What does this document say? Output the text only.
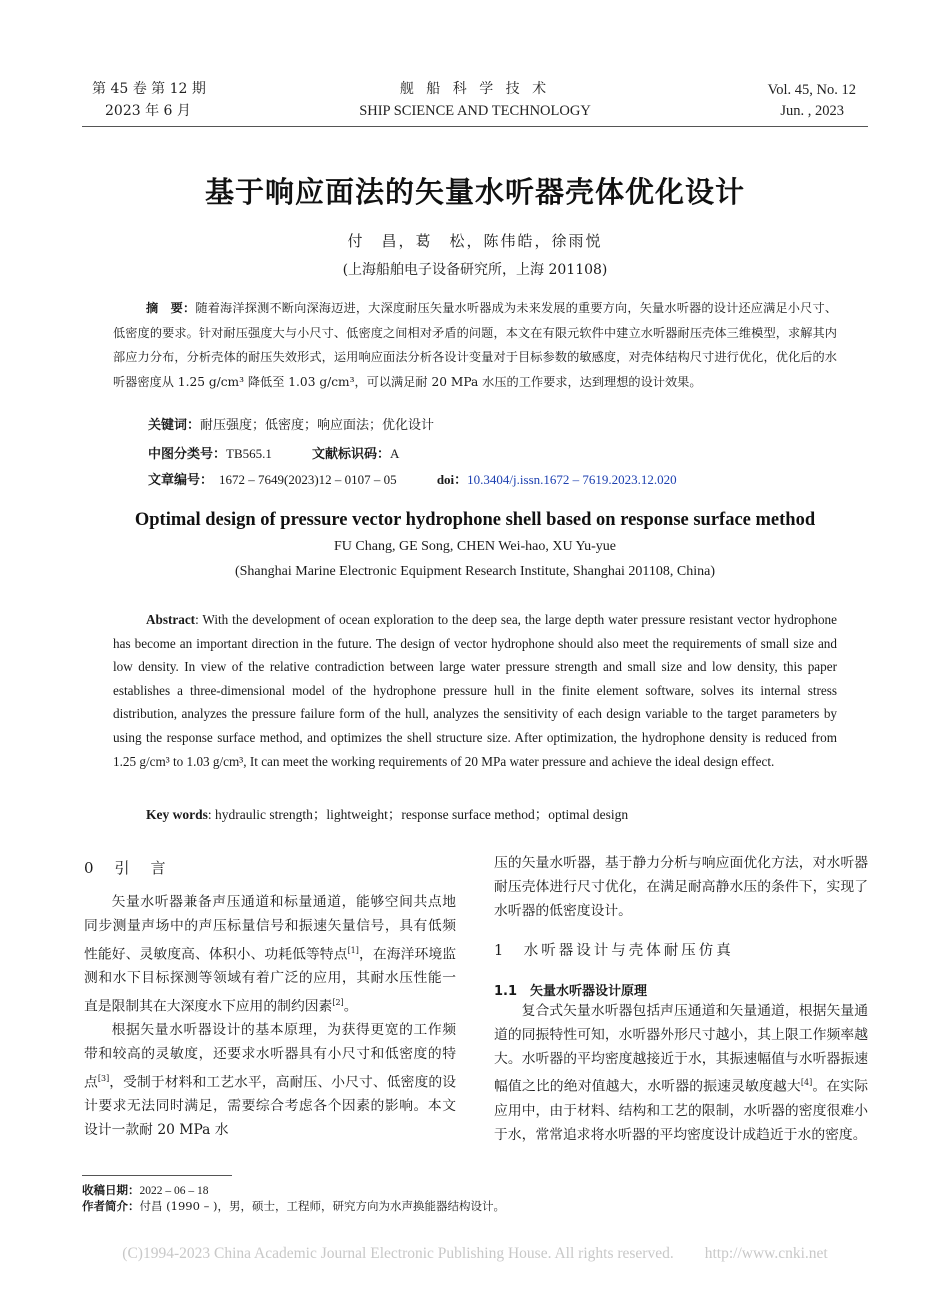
第 45 卷 第 12 期
2023 年 6 月
舰 船 科 学 技 术
SHIP SCIENCE AND TECHNOLOGY
Vol. 45, No. 12
Jun. , 2023
基于响应面法的矢量水听器壳体优化设计
付　昌，葛　松，陈伟皓，徐雨悦
(上海船舶电子设备研究所，上海 201108)
摘　要：随着海洋探测不断向深海迈进，大深度耐压矢量水听器成为未来发展的重要方向，矢量水听器的设计还应满足小尺寸、低密度的要求。针对耐压强度大与小尺寸、低密度之间相对矛盾的问题，本文在有限元软件中建立水听器耐压壳体三维模型，求解其内部应力分布，分析壳体的耐压失效形式，运用响应面法分析各设计变量对于目标参数的敏感度，对壳体结构尺寸进行优化，优化后的水听器密度从 1.25 g/cm³ 降低至 1.03 g/cm³，可以满足耐 20 MPa 水压的工作要求，达到理想的设计效果。
关键词：耐压强度；低密度；响应面法；优化设计
中图分类号：TB565.1	文献标识码：A
文章编号： 1672 – 7649(2023)12 – 0107 – 05	doi：10.3404/j.issn.1672 – 7619.2023.12.020
Optimal design of pressure vector hydrophone shell based on response surface method
FU Chang, GE Song, CHEN Wei-hao, XU Yu-yue
(Shanghai Marine Electronic Equipment Research Institute, Shanghai 201108, China)
Abstract: With the development of ocean exploration to the deep sea, the large depth water pressure resistant vector hydrophone has become an important direction in the future. The design of vector hydrophone should also meet the requirements of small size and low density. In view of the relative contradiction between large water pressure strength and small size and low density, this paper establishes a three-dimensional model of the hydrophone pressure hull in the finite element software, solves its internal stress distribution, analyzes the pressure failure form of the hull, analyzes the sensitivity of each design variable to the target parameters by using the response surface method, and optimizes the shell structure size. After optimization, the hydrophone density is reduced from 1.25 g/cm³ to 1.03 g/cm³, It can meet the working requirements of 20 MPa water pressure and achieve the ideal design effect.
Key words: hydraulic strength；lightweight；response surface method；optimal design
0　引　言

矢量水听器兼备声压通道和标量通道，能够空间共点地同步测量声场中的声压标量信号和振速矢量信号，具有低频性能好、灵敏度高、体积小、功耗低等特点[1]，在海洋环境监测和水下目标探测等领域有着广泛的应用，其耐水压性能一直是限制其在大深度水下应用的制约因素[2]。

根据矢量水听器设计的基本原理，为获得更宽的工作频带和较高的灵敏度，还要求水听器具有小尺寸和低密度的特点[3]，受制于材料和工艺水平，高耐压、小尺寸、低密度的设计要求无法同时满足，需要综合考虑各个因素的影响。本文设计一款耐 20 MPa 水

压的矢量水听器，基于静力分析与响应面优化方法，对水听器耐压壳体进行尺寸优化，在满足耐高静水压的条件下，实现了水听器的低密度设计。

1　水听器设计与壳体耐压仿真
1.1　矢量水听器设计原理

复合式矢量水听器包括声压通道和矢量通道，根据矢量通道的同振特性可知，水听器外形尺寸越小，其上限工作频率越大。水听器的平均密度越接近于水，其振速幅值与水听器振速幅值之比的绝对值越大，水听器的振速灵敏度越大[4]。在实际应用中，由于材料、结构和工艺的限制，水听器的密度很难小于水，常常追求将水听器的平均密度设计成趋近于水的密度。

收稿日期：2022 – 06 – 18
作者简介：付昌 (1990 – )，男，硕士，工程师，研究方向为水声换能器结构设计。
(C)1994-2023 China Academic Journal Electronic Publishing House. All rights reserved.　　http://www.cnki.net
